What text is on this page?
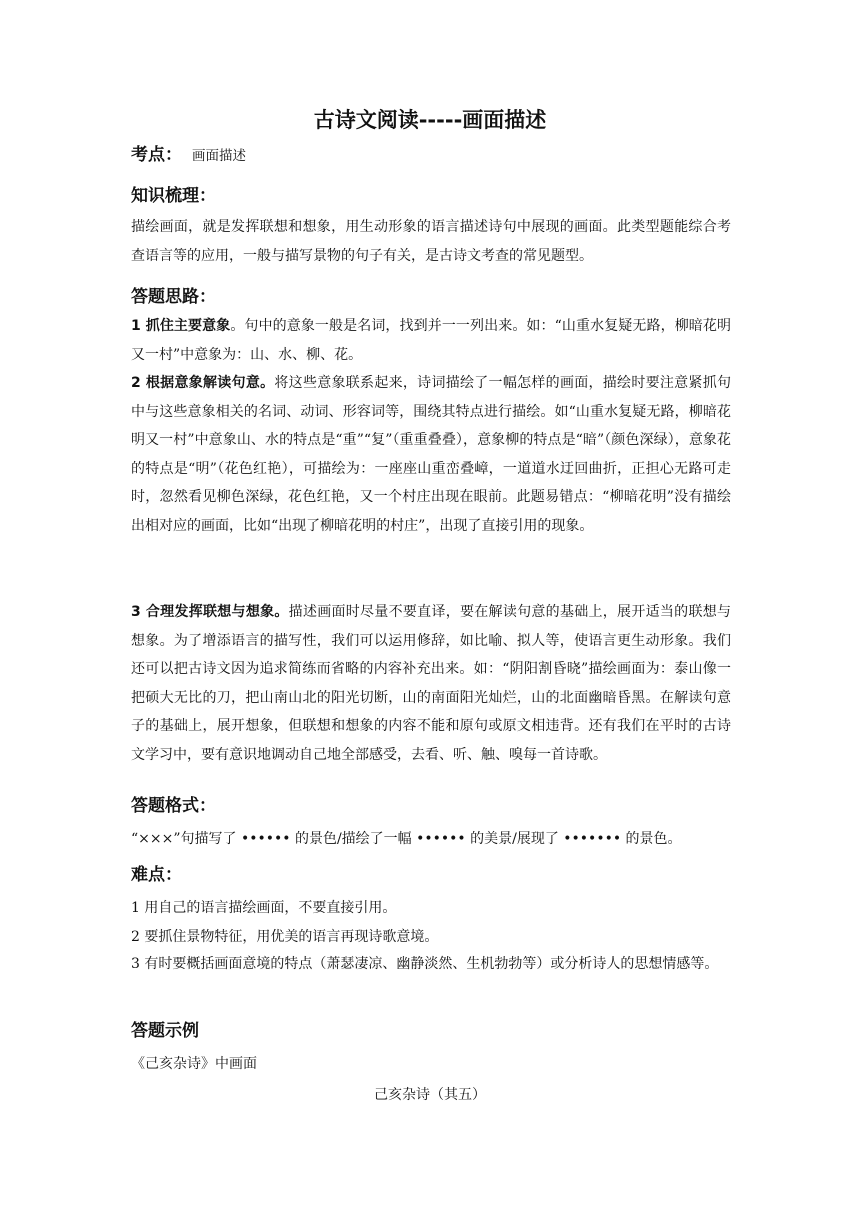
古诗文阅读-----画面描述
考点： 画面描述
知识梳理：
描绘画面，就是发挥联想和想象，用生动形象的语言描述诗句中展现的画面。此类型题能综合考查语言等的应用，一般与描写景物的句子有关，是古诗文考查的常见题型。
答题思路：
1 抓住主要意象。句中的意象一般是名词，找到并一一列出来。如：“山重水复疑无路，柳暗花明又一村”中意象为：山、水、柳、花。
2 根据意象解读句意。将这些意象联系起来，诗词描绘了一幅怎样的画面，描绘时要注意紧抓句中与这些意象相关的名词、动词、形容词等，围绕其特点进行描绘。如“山重水复疑无路，柳暗花明又一村”中意象山、水的特点是“重”“复”（重重叠叠），意象柳的特点是“暗”（颜色深绿），意象花的特点是“明”（花色红艳），可描绘为：一座座山重峦叠嶂，一道道水迂回曲折，正担心无路可走时，忽然看见柳色深绿，花色红艳，又一个村庄出现在眼前。此题易错点：“柳暗花明”没有描绘出相对应的画面，比如“出现了柳暗花明的村庄”，出现了直接引用的现象。
3 合理发挥联想与想象。描述画面时尽量不要直译，要在解读句意的基础上，展开适当的联想与想象。为了增添语言的描写性，我们可以运用修辞，如比喻、拟人等，使语言更生动形象。我们还可以把古诗文因为追求简练而省略的内容补充出来。如：“阴阳割昏晓”描绘画面为：泰山像一把硕大无比的刀，把山南山北的阳光切断，山的南面阳光灿烂，山的北面幽暗昏黑。在解读句意子的基础上，展开想象，但联想和想象的内容不能和原句或原文相违背。还有我们在平时的古诗文学习中，要有意识地调动自己地全部感受，去看、听、触、嗅每一首诗歌。
答题格式：
“×××”句描写了 •••••• 的景色/描绘了一幅 •••••• 的美景/展现了 ••••••• 的景色。
难点：
1 用自己的语言描绘画面，不要直接引用。
2 要抓住景物特征，用优美的语言再现诗歌意境。
3 有时要概括画面意境的特点（萧瑟凄凉、幽静淡然、生机勃勃等）或分析诗人的思想情感等。
答题示例
《己亥杂诗》中画面
己亥杂诗（其五）
